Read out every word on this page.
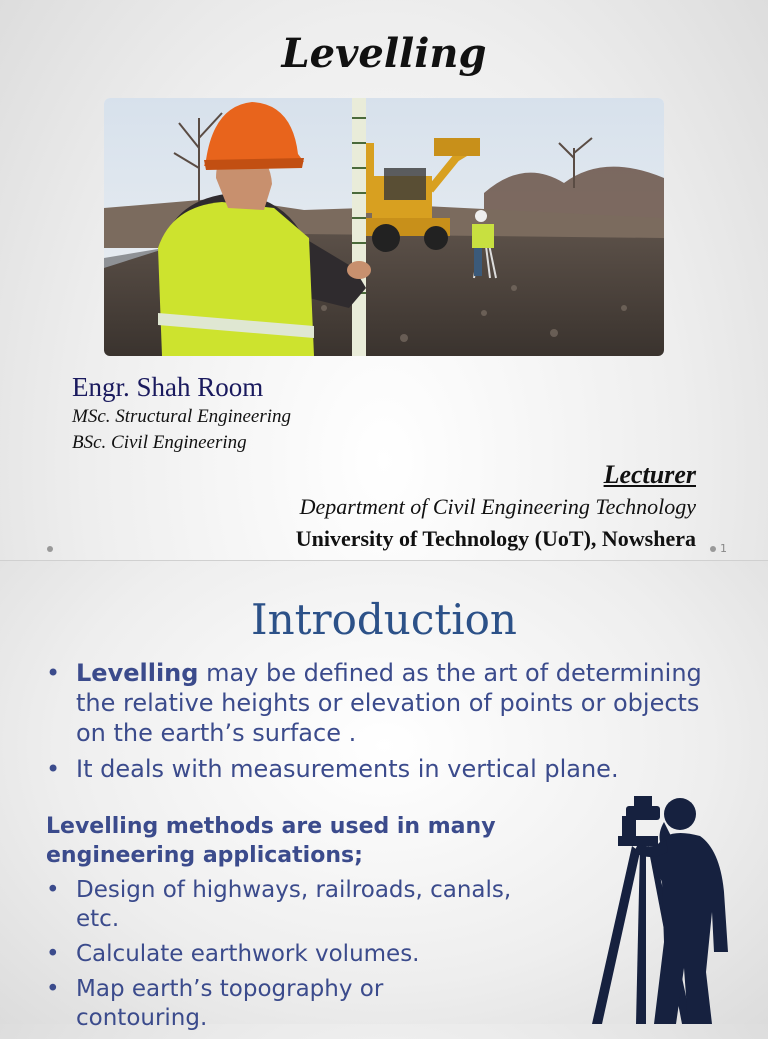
Levelling
Engr. Shah Room
MSc. Structural Engineering
BSc. Civil Engineering
Lecturer
Department of Civil Engineering Technology
University of Technology (UoT), Nowshera 1
Introduction
• Levelling may be defined as the art of determining the relative heights or elevation of points or objects on the earth’s surface .
• It deals with measurements in vertical plane.
Levelling methods are used in many engineering applications;
• Design of highways, railroads, canals, etc.
• Calculate earthwork volumes.
• Map earth’s topography or contouring.
